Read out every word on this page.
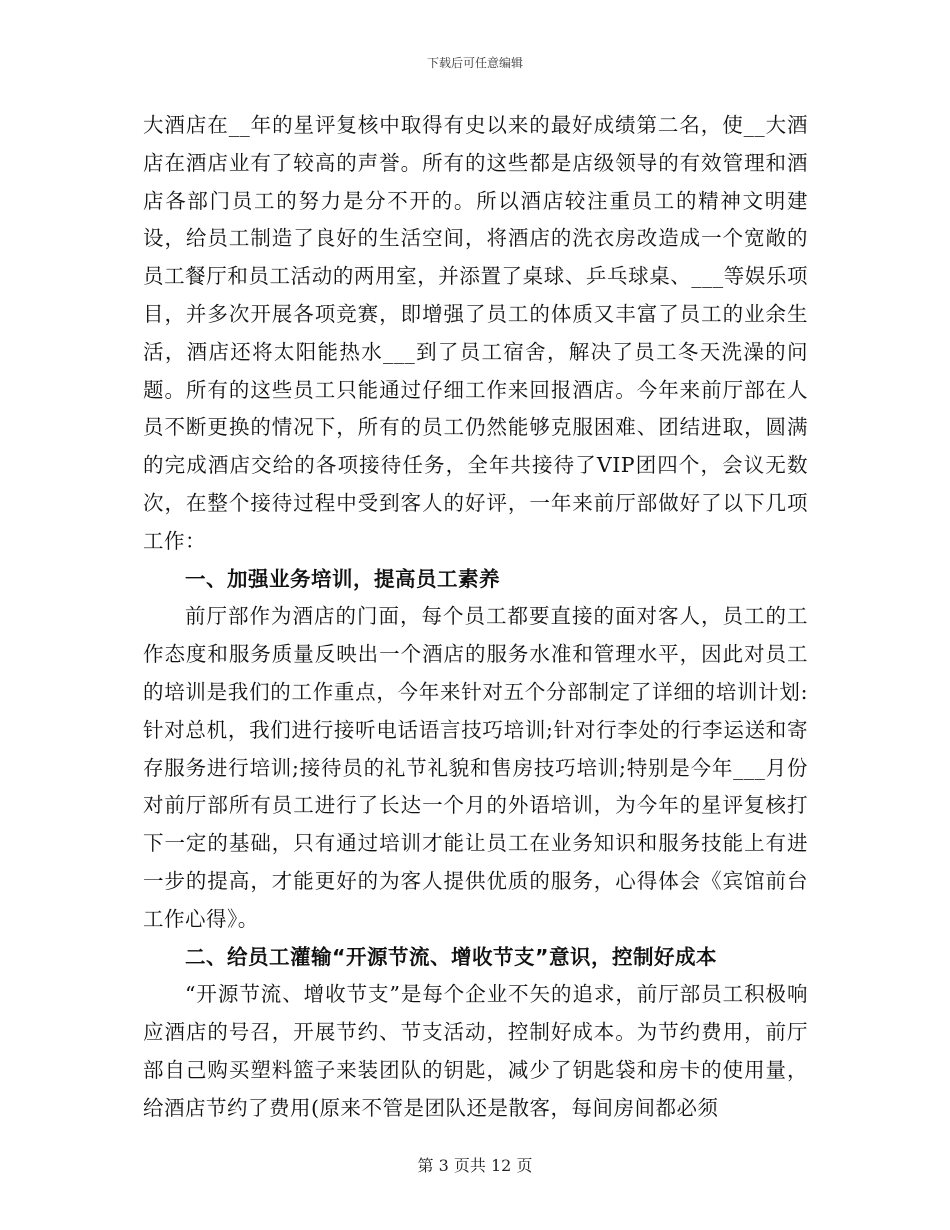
下载后可任意编辑

大酒店在__年的星评复核中取得有史以来的最好成绩第二名，使__大酒店在酒店业有了较高的声誉。所有的这些都是店级领导的有效管理和酒店各部门员工的努力是分不开的。所以酒店较注重员工的精神文明建设，给员工制造了良好的生活空间，将酒店的洗衣房改造成一个宽敞的员工餐厅和员工活动的两用室，并添置了桌球、乒乓球桌、___等娱乐项目，并多次开展各项竞赛，即增强了员工的体质又丰富了员工的业余生活，酒店还将太阳能热水___到了员工宿舍，解决了员工冬天洗澡的问题。所有的这些员工只能通过仔细工作来回报酒店。今年来前厅部在人员不断更换的情况下，所有的员工仍然能够克服困难、团结进取，圆满的完成酒店交给的各项接待任务，全年共接待了VIP团四个，会议无数次，在整个接待过程中受到客人的好评，一年来前厅部做好了以下几项工作：

一、加强业务培训，提高员工素养

前厅部作为酒店的门面，每个员工都要直接的面对客人，员工的工作态度和服务质量反映出一个酒店的服务水准和管理水平，因此对员工的培训是我们的工作重点，今年来针对五个分部制定了详细的培训计划:针对总机，我们进行接听电话语言技巧培训;针对行李处的行李运送和寄存服务进行培训;接待员的礼节礼貌和售房技巧培训;特别是今年___月份对前厅部所有员工进行了长达一个月的外语培训，为今年的星评复核打下一定的基础，只有通过培训才能让员工在业务知识和服务技能上有进一步的提高，才能更好的为客人提供优质的服务，心得体会《宾馆前台工作心得》。

二、给员工灌输“开源节流、增收节支”意识，控制好成本

“开源节流、增收节支”是每个企业不矢的追求，前厅部员工积极响应酒店的号召，开展节约、节支活动，控制好成本。为节约费用，前厅部自己购买塑料篮子来装团队的钥匙，减少了钥匙袋和房卡的使用量，给酒店节约了费用(原来不管是团队还是散客，每间房间都必须

第 3 页共 12 页
